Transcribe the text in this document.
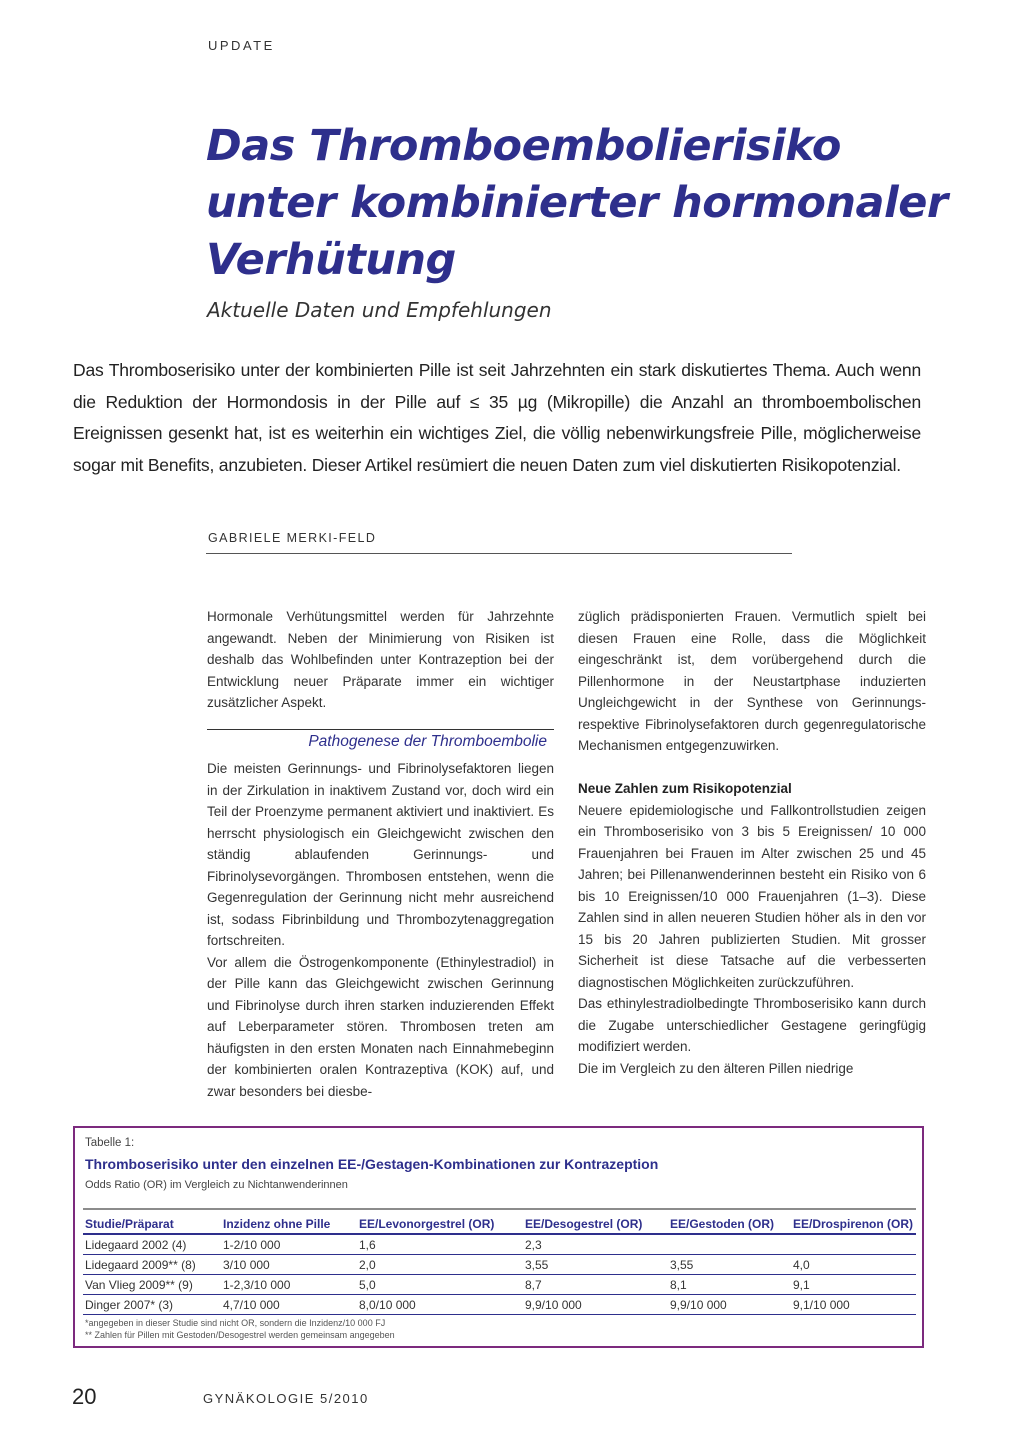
UPDATE
Das Thromboembolierisiko unter kombinierter hormonaler Verhütung
Aktuelle Daten und Empfehlungen

Das Thromboserisiko unter der kombinierten Pille ist seit Jahrzehnten ein stark diskutiertes Thema. Auch wenn die Reduktion der Hormondosis in der Pille auf ≤ 35 µg (Mikropille) die Anzahl an thromboembolischen Ereignissen gesenkt hat, ist es weiterhin ein wichtiges Ziel, die völlig nebenwirkungsfreie Pille, möglicherweise sogar mit Benefits, anzubieten. Dieser Artikel resümiert die neuen Daten zum viel diskutierten Risikopotenzial.

GABRIELE MERKI-FELD

Hormonale Verhütungsmittel werden für Jahrzehnte angewandt. Neben der Minimierung von Risiken ist deshalb das Wohlbefinden unter Kontrazeption bei der Entwicklung neuer Präparate immer ein wichtiger zusätzlicher Aspekt.

Pathogenese der Thromboembolie

Die meisten Gerinnungs- und Fibrinolysefaktoren liegen in der Zirkulation in inaktivem Zustand vor, doch wird ein Teil der Proenzyme permanent aktiviert und inaktiviert. Es herrscht physiologisch ein Gleichgewicht zwischen den ständig ablaufenden Gerinnungs- und Fibrinolysevorgängen. Thrombosen entstehen, wenn die Gegenregulation der Gerinnung nicht mehr ausreichend ist, sodass Fibrinbildung und Thrombozytenaggregation fortschreiten.

Vor allem die Östrogenkomponente (Ethinylestradiol) in der Pille kann das Gleichgewicht zwischen Gerinnung und Fibrinolyse durch ihren starken induzierenden Effekt auf Leberparameter stören. Thrombosen treten am häufigsten in den ersten Monaten nach Einnahmebeginn der kombinierten oralen Kontrazeptiva (KOK) auf, und zwar besonders bei diesbe-

züglich prädisponierten Frauen. Vermutlich spielt bei diesen Frauen eine Rolle, dass die Möglichkeit eingeschränkt ist, dem vorübergehend durch die Pillenhormone in der Neustartphase induzierten Ungleichgewicht in der Synthese von Gerinnungs- respektive Fibrinolysefaktoren durch gegenregulatorische Mechanismen entgegenzuwirken.

Neue Zahlen zum Risikopotenzial

Neuere epidemiologische und Fallkontrollstudien zeigen ein Thromboserisiko von 3 bis 5 Ereignissen/ 10 000 Frauenjahren bei Frauen im Alter zwischen 25 und 45 Jahren; bei Pillenanwenderinnen besteht ein Risiko von 6 bis 10 Ereignissen/10 000 Frauenjahren (1–3). Diese Zahlen sind in allen neueren Studien höher als in den vor 15 bis 20 Jahren publizierten Studien. Mit grosser Sicherheit ist diese Tatsache auf die verbesserten diagnostischen Möglichkeiten zurückzuführen.

Das ethinylestradiolbedingte Thromboserisiko kann durch die Zugabe unterschiedlicher Gestagene geringfügig modifiziert werden.

Die im Vergleich zu den älteren Pillen niedrige

Tabelle 1:
Thromboserisiko unter den einzelnen EE-/Gestagen-Kombinationen zur Kontrazeption
Odds Ratio (OR) im Vergleich zu Nichtanwenderinnen
Studie/Präparat	Inzidenz ohne Pille	EE/Levonorgestrel (OR)	EE/Desogestrel (OR)	EE/Gestoden (OR)	EE/Drospirenon (OR)
Lidegaard 2002 (4)	1-2/10 000	1,6	2,3		
Lidegaard 2009** (8)	3/10 000	2,0	3,55	3,55	4,0
Van Vlieg 2009** (9)	1-2,3/10 000	5,0	8,7	8,1	9,1
Dinger 2007* (3)	4,7/10 000	8,0/10 000	9,9/10 000	9,9/10 000	9,1/10 000
*angegeben in dieser Studie sind nicht OR, sondern die Inzidenz/10 000 FJ
** Zahlen für Pillen mit Gestoden/Desogestrel werden gemeinsam angegeben
20	GYNÄKOLOGIE 5/2010
